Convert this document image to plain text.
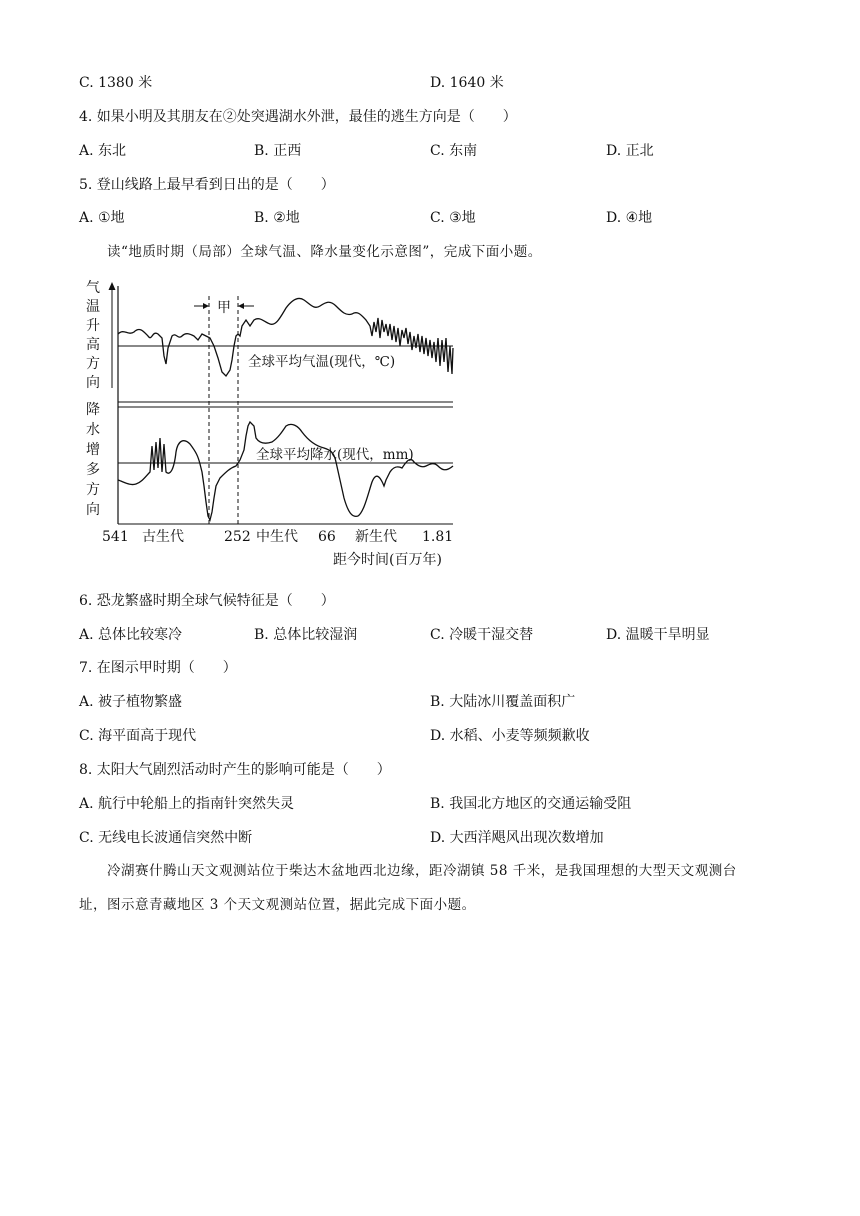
C. 1380 米	D. 1640 米
4. 如果小明及其朋友在②处突遇湖水外泄，最佳的逃生方向是（　　）
A. 东北	B. 正西	C. 东南	D. 正北
5. 登山线路上最早看到日出的是（　　）
A. ①地	B. ②地	C. ③地	D. ④地
读“地质时期（局部）全球气温、降水量变化示意图”，完成下面小题。
气温升高方向
降水增多方向
甲
全球平均气温(现代，℃)
全球平均降水(现代，mm)
541 古生代	252 中生代 66 新生代 1.81
距今时间(百万年)
6. 恐龙繁盛时期全球气候特征是（　　）
A. 总体比较寒冷	B. 总体比较湿润	C. 冷暖干湿交替	D. 温暖干旱明显
7. 在图示甲时期（　　）
A. 被子植物繁盛	B. 大陆冰川覆盖面积广
C. 海平面高于现代	D. 水稻、小麦等频频歉收
8. 太阳大气剧烈活动时产生的影响可能是（　　）
A. 航行中轮船上的指南针突然失灵	B. 我国北方地区的交通运输受阻
C. 无线电长波通信突然中断	D. 大西洋飓风出现次数增加
冷湖赛什腾山天文观测站位于柴达木盆地西北边缘，距冷湖镇 58 千米，是我国理想的大型天文观测台
址，图示意青藏地区 3 个天文观测站位置，据此完成下面小题。
